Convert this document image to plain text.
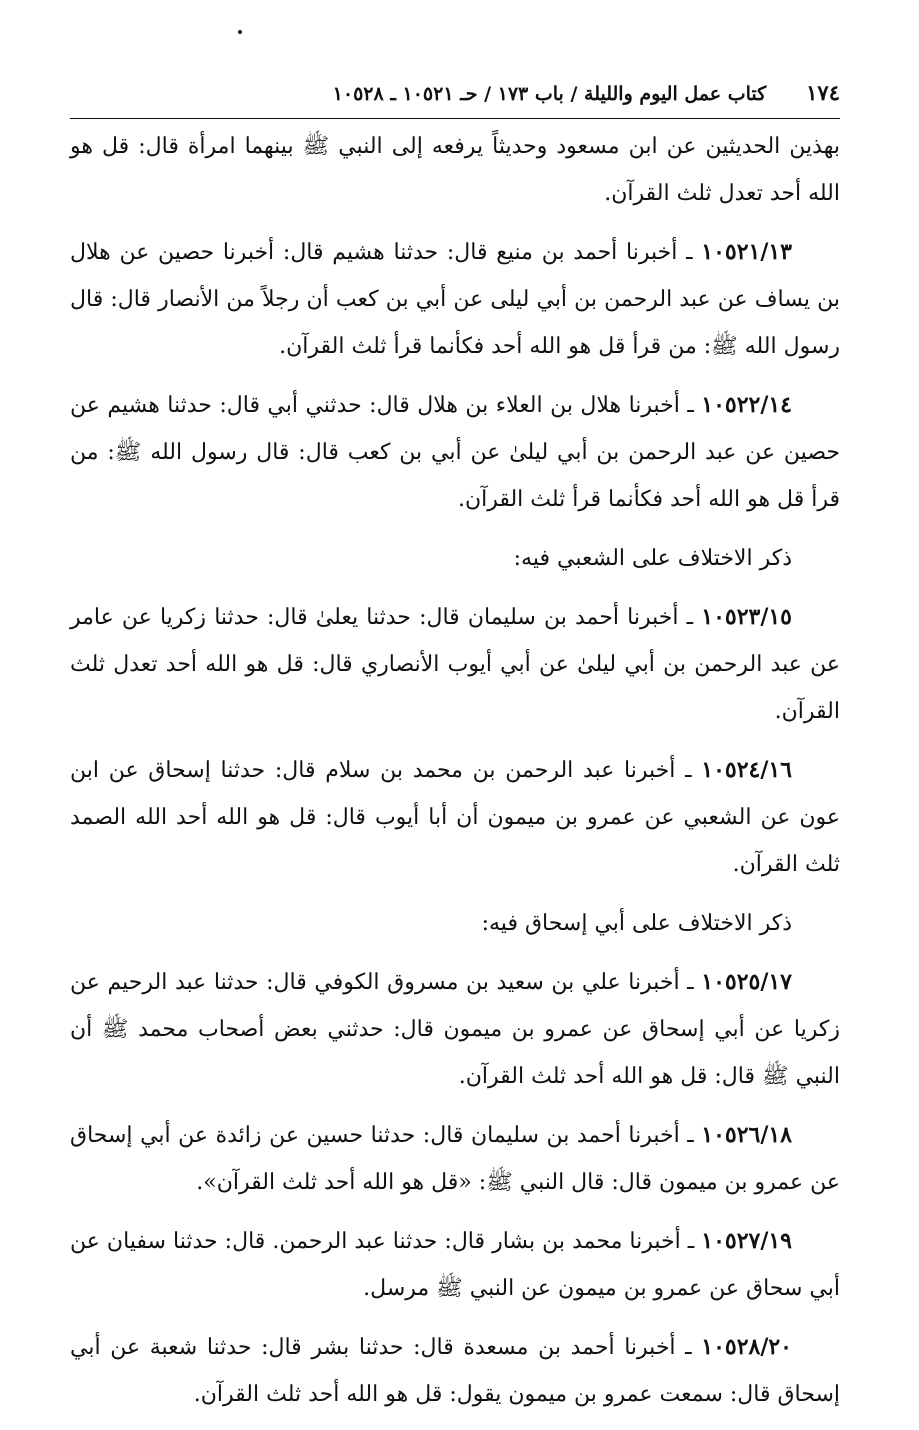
١٧٤
كتاب عمل اليوم والليلة / باب ١٧٣ / حـ ١٠٥٢١ ـ ١٠٥٢٨

بهذين الحديثين عن ابن مسعود وحديثاً يرفعه إلى النبي ﷺ بينهما امرأة قال: قل هو الله أحد تعدل ثلث القرآن.

١٠٥٢١/١٣ ـ أخبرنا أحمد بن منيع قال: حدثنا هشيم قال: أخبرنا حصين عن هلال بن يساف عن عبد الرحمن بن أبي ليلى عن أبي بن كعب أن رجلاً من الأنصار قال: قال رسول الله ﷺ: من قرأ قل هو الله أحد فكأنما قرأ ثلث القرآن.

١٠٥٢٢/١٤ ـ أخبرنا هلال بن العلاء بن هلال قال: حدثني أبي قال: حدثنا هشيم عن حصين عن عبد الرحمن بن أبي ليلىٰ عن أبي بن كعب قال: قال رسول الله ﷺ: من قرأ قل هو الله أحد فكأنما قرأ ثلث القرآن.

ذكر الاختلاف على الشعبي فيه:

١٠٥٢٣/١٥ ـ أخبرنا أحمد بن سليمان قال: حدثنا يعلىٰ قال: حدثنا زكريا عن عامر عن عبد الرحمن بن أبي ليلىٰ عن أبي أيوب الأنصاري قال: قل هو الله أحد تعدل ثلث القرآن.

١٠٥٢٤/١٦ ـ أخبرنا عبد الرحمن بن محمد بن سلام قال: حدثنا إسحاق عن ابن عون عن الشعبي عن عمرو بن ميمون أن أبا أيوب قال: قل هو الله أحد الله الصمد ثلث القرآن.

ذكر الاختلاف على أبي إسحاق فيه:

١٠٥٢٥/١٧ ـ أخبرنا علي بن سعيد بن مسروق الكوفي قال: حدثنا عبد الرحيم عن زكريا عن أبي إسحاق عن عمرو بن ميمون قال: حدثني بعض أصحاب محمد ﷺ أن النبي ﷺ قال: قل هو الله أحد ثلث القرآن.

١٠٥٢٦/١٨ ـ أخبرنا أحمد بن سليمان قال: حدثنا حسين عن زائدة عن أبي إسحاق عن عمرو بن ميمون قال: قال النبي ﷺ: «قل هو الله أحد ثلث القرآن».

١٠٥٢٧/١٩ ـ أخبرنا محمد بن بشار قال: حدثنا عبد الرحمن. قال: حدثنا سفيان عن أبي سحاق عن عمرو بن ميمون عن النبي ﷺ مرسل.

١٠٥٢٨/٢٠ ـ أخبرنا أحمد بن مسعدة قال: حدثنا بشر قال: حدثنا شعبة عن أبي إسحاق قال: سمعت عمرو بن ميمون يقول: قل هو الله أحد ثلث القرآن.
